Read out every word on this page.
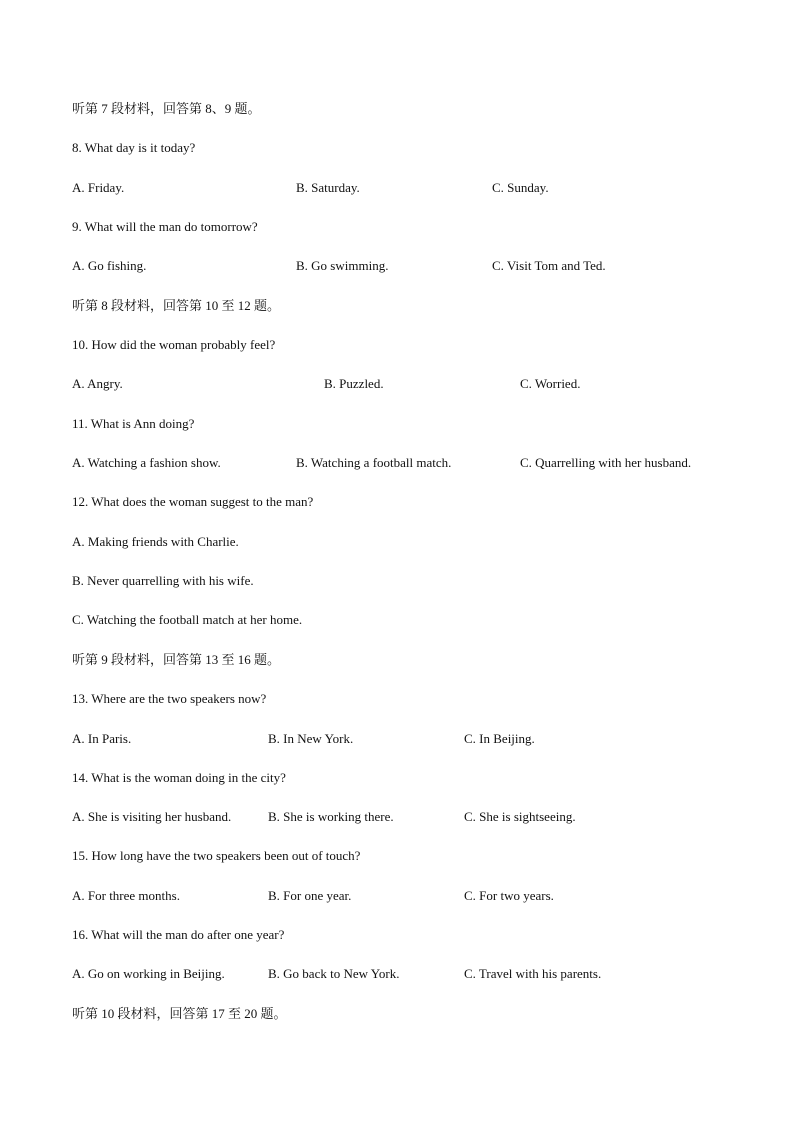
听第 7 段材料，回答第 8、9 题。
8. What day is it today?
A. Friday.	B. Saturday.	C. Sunday.
9. What will the man do tomorrow?
A. Go fishing.	B. Go swimming.	C. Visit Tom and Ted.
听第 8 段材料，回答第 10 至 12 题。
10. How did the woman probably feel?
A. Angry.	B. Puzzled.	C. Worried.
11. What is Ann doing?
A. Watching a fashion show.	B. Watching a football match.	C. Quarrelling with her husband.
12. What does the woman suggest to the man?
A. Making friends with Charlie.
B. Never quarrelling with his wife.
C. Watching the football match at her home.
听第 9 段材料，回答第 13 至 16 题。
13. Where are the two speakers now?
A. In Paris.	B. In New York.	C. In Beijing.
14. What is the woman doing in the city?
A. She is visiting her husband.	B. She is working there.	C. She is sightseeing.
15. How long have the two speakers been out of touch?
A. For three months.	B. For one year.	C. For two years.
16. What will the man do after one year?
A. Go on working in Beijing.	B. Go back to New York.	C. Travel with his parents.
听第 10 段材料，回答第 17 至 20 题。
